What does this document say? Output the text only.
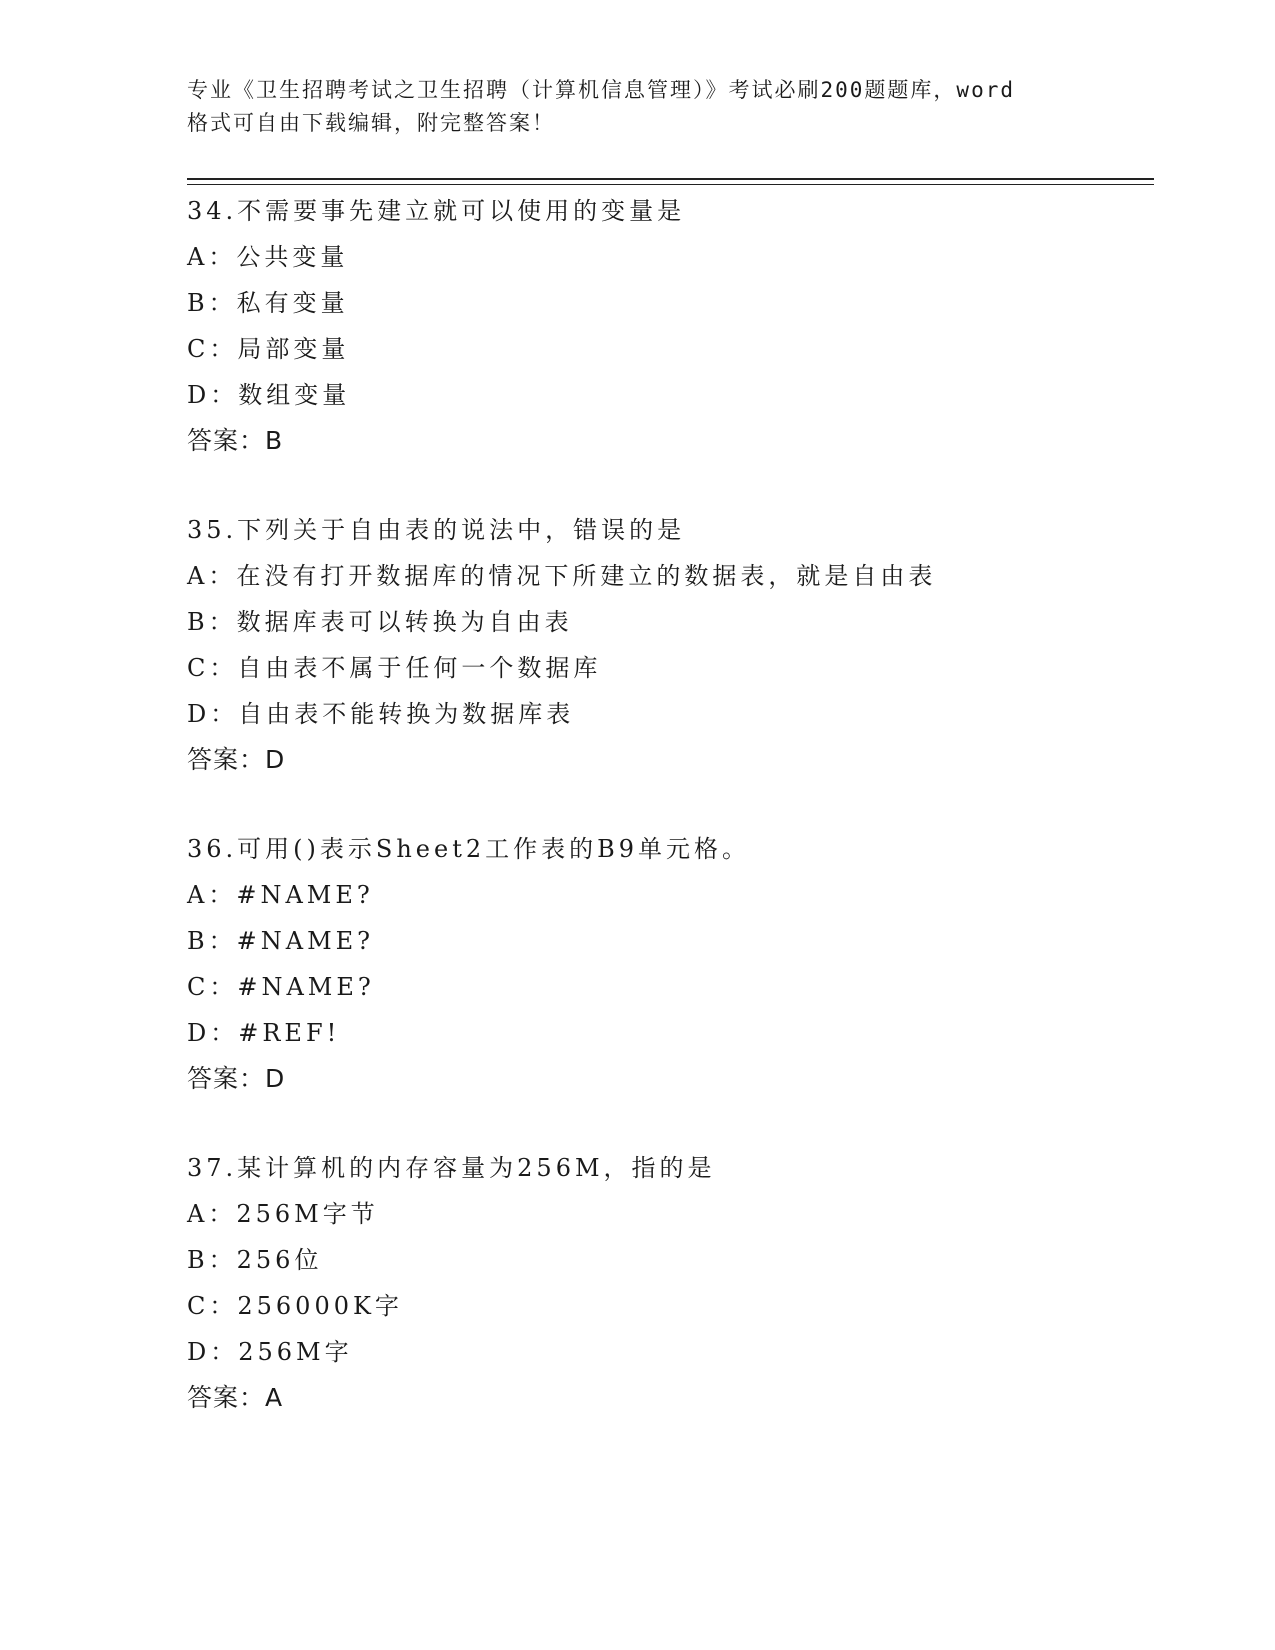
专业《卫生招聘考试之卫生招聘（计算机信息管理）》考试必刷200题题库，word
格式可自由下载编辑，附完整答案！
34.不需要事先建立就可以使用的变量是
A：公共变量
B：私有变量
C：局部变量
D：数组变量
答案：B
35.下列关于自由表的说法中，错误的是
A：在没有打开数据库的情况下所建立的数据表，就是自由表
B：数据库表可以转换为自由表
C：自由表不属于任何一个数据库
D：自由表不能转换为数据库表
答案：D
36.可用()表示Sheet2工作表的B9单元格。
A：#NAME?
B：#NAME?
C：#NAME?
D：#REF!
答案：D
37.某计算机的内存容量为256M，指的是
A：256M字节
B：256位
C：256000K字
D：256M字
答案：A
